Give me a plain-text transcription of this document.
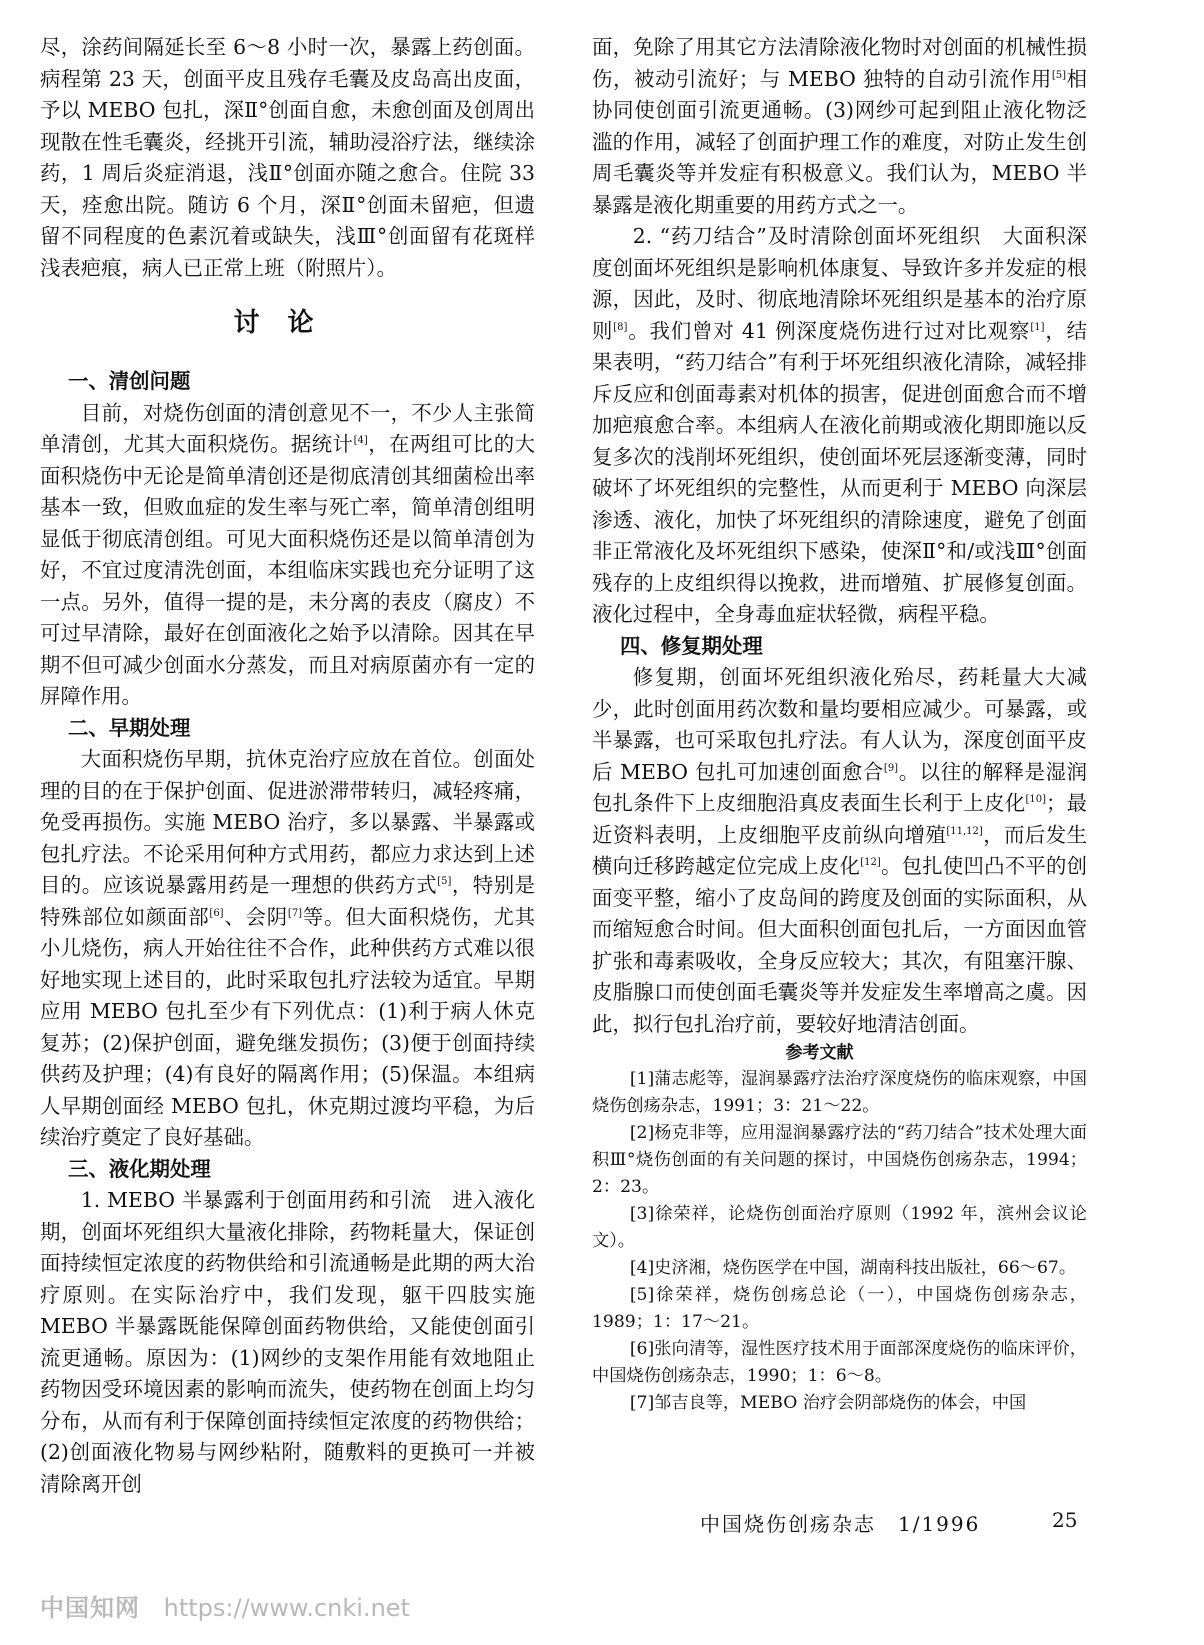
尽，涂药间隔延长至 6～8 小时一次，暴露上药创面。病程第 23 天，创面平皮且残存毛囊及皮岛高出皮面，予以 MEBO 包扎，深Ⅱ°创面自愈，未愈创面及创周出现散在性毛囊炎，经挑开引流，辅助浸浴疗法，继续涂药，1 周后炎症消退，浅Ⅱ°创面亦随之愈合。住院 33 天，痊愈出院。随访 6 个月，深Ⅱ°创面未留疤，但遗留不同程度的色素沉着或缺失，浅Ⅲ°创面留有花斑样浅表疤痕，病人已正常上班（附照片）。

讨论
一、清创问题

目前，对烧伤创面的清创意见不一，不少人主张简单清创，尤其大面积烧伤。据统计[4]，在两组可比的大面积烧伤中无论是简单清创还是彻底清创其细菌检出率基本一致，但败血症的发生率与死亡率，简单清创组明显低于彻底清创组。可见大面积烧伤还是以简单清创为好，不宜过度清洗创面，本组临床实践也充分证明了这一点。另外，值得一提的是，未分离的表皮（腐皮）不可过早清除，最好在创面液化之始予以清除。因其在早期不但可减少创面水分蒸发，而且对病原菌亦有一定的屏障作用。

二、早期处理

大面积烧伤早期，抗休克治疗应放在首位。创面处理的目的在于保护创面、促进淤滞带转归，减轻疼痛，免受再损伤。实施 MEBO 治疗，多以暴露、半暴露或包扎疗法。不论采用何种方式用药，都应力求达到上述目的。应该说暴露用药是一理想的供药方式[5]，特别是特殊部位如颜面部[6]、会阴[7]等。但大面积烧伤，尤其小儿烧伤，病人开始往往不合作，此种供药方式难以很好地实现上述目的，此时采取包扎疗法较为适宜。早期应用 MEBO 包扎至少有下列优点：(1)利于病人休克复苏；(2)保护创面，避免继发损伤；(3)便于创面持续供药及护理；(4)有良好的隔离作用；(5)保温。本组病人早期创面经 MEBO 包扎，休克期过渡均平稳，为后续治疗奠定了良好基础。

三、液化期处理

1. MEBO 半暴露利于创面用药和引流　进入液化期，创面坏死组织大量液化排除，药物耗量大，保证创面持续恒定浓度的药物供给和引流通畅是此期的两大治疗原则。在实际治疗中，我们发现，躯干四肢实施 MEBO 半暴露既能保障创面药物供给，又能使创面引流更通畅。原因为：(1)网纱的支架作用能有效地阻止药物因受环境因素的影响而流失，使药物在创面上均匀分布，从而有利于保障创面持续恒定浓度的药物供给；(2)创面液化物易与网纱粘附，随敷料的更换可一并被清除离开创

面，免除了用其它方法清除液化物时对创面的机械性损伤，被动引流好；与 MEBO 独特的自动引流作用[5]相协同使创面引流更通畅。(3)网纱可起到阻止液化物泛滥的作用，减轻了创面护理工作的难度，对防止发生创周毛囊炎等并发症有积极意义。我们认为，MEBO 半暴露是液化期重要的用药方式之一。

2. “药刀结合”及时清除创面坏死组织　大面积深度创面坏死组织是影响机体康复、导致许多并发症的根源，因此，及时、彻底地清除坏死组织是基本的治疗原则[8]。我们曾对 41 例深度烧伤进行过对比观察[1]，结果表明，“药刀结合”有利于坏死组织液化清除，减轻排斥反应和创面毒素对机体的损害，促进创面愈合而不增加疤痕愈合率。本组病人在液化前期或液化期即施以反复多次的浅削坏死组织，使创面坏死层逐渐变薄，同时破坏了坏死组织的完整性，从而更利于 MEBO 向深层渗透、液化，加快了坏死组织的清除速度，避免了创面非正常液化及坏死组织下感染，使深Ⅱ°和/或浅Ⅲ°创面残存的上皮组织得以挽救，进而增殖、扩展修复创面。液化过程中，全身毒血症状轻微，病程平稳。

四、修复期处理

修复期，创面坏死组织液化殆尽，药耗量大大减少，此时创面用药次数和量均要相应减少。可暴露，或半暴露，也可采取包扎疗法。有人认为，深度创面平皮后 MEBO 包扎可加速创面愈合[9]。以往的解释是湿润包扎条件下上皮细胞沿真皮表面生长利于上皮化[10]；最近资料表明，上皮细胞平皮前纵向增殖[11,12]，而后发生横向迁移跨越定位完成上皮化[12]。包扎使凹凸不平的创面变平整，缩小了皮岛间的跨度及创面的实际面积，从而缩短愈合时间。但大面积创面包扎后，一方面因血管扩张和毒素吸收，全身反应较大；其次，有阻塞汗腺、皮脂腺口而使创面毛囊炎等并发症发生率增高之虞。因此，拟行包扎治疗前，要较好地清洁创面。

参考文献

[1]蒲志彪等，湿润暴露疗法治疗深度烧伤的临床观察，中国烧伤创疡杂志，1991；3：21～22。

[2]杨克非等，应用湿润暴露疗法的“药刀结合”技术处理大面积Ⅲ°烧伤创面的有关问题的探讨，中国烧伤创疡杂志，1994；2：23。

[3]徐荣祥，论烧伤创面治疗原则（1992 年，滨州会议论文）。

[4]史济湘，烧伤医学在中国，湖南科技出版社，66～67。

[5]徐荣祥，烧伤创疡总论（一），中国烧伤创疡杂志，1989；1：17～21。

[6]张向清等，湿性医疗技术用于面部深度烧伤的临床评价，中国烧伤创疡杂志，1990；1：6～8。

[7]邹吉良等，MEBO 治疗会阴部烧伤的体会，中国

中国烧伤创疡杂志　1/1996	25
中国知网 https://www.cnki.net
